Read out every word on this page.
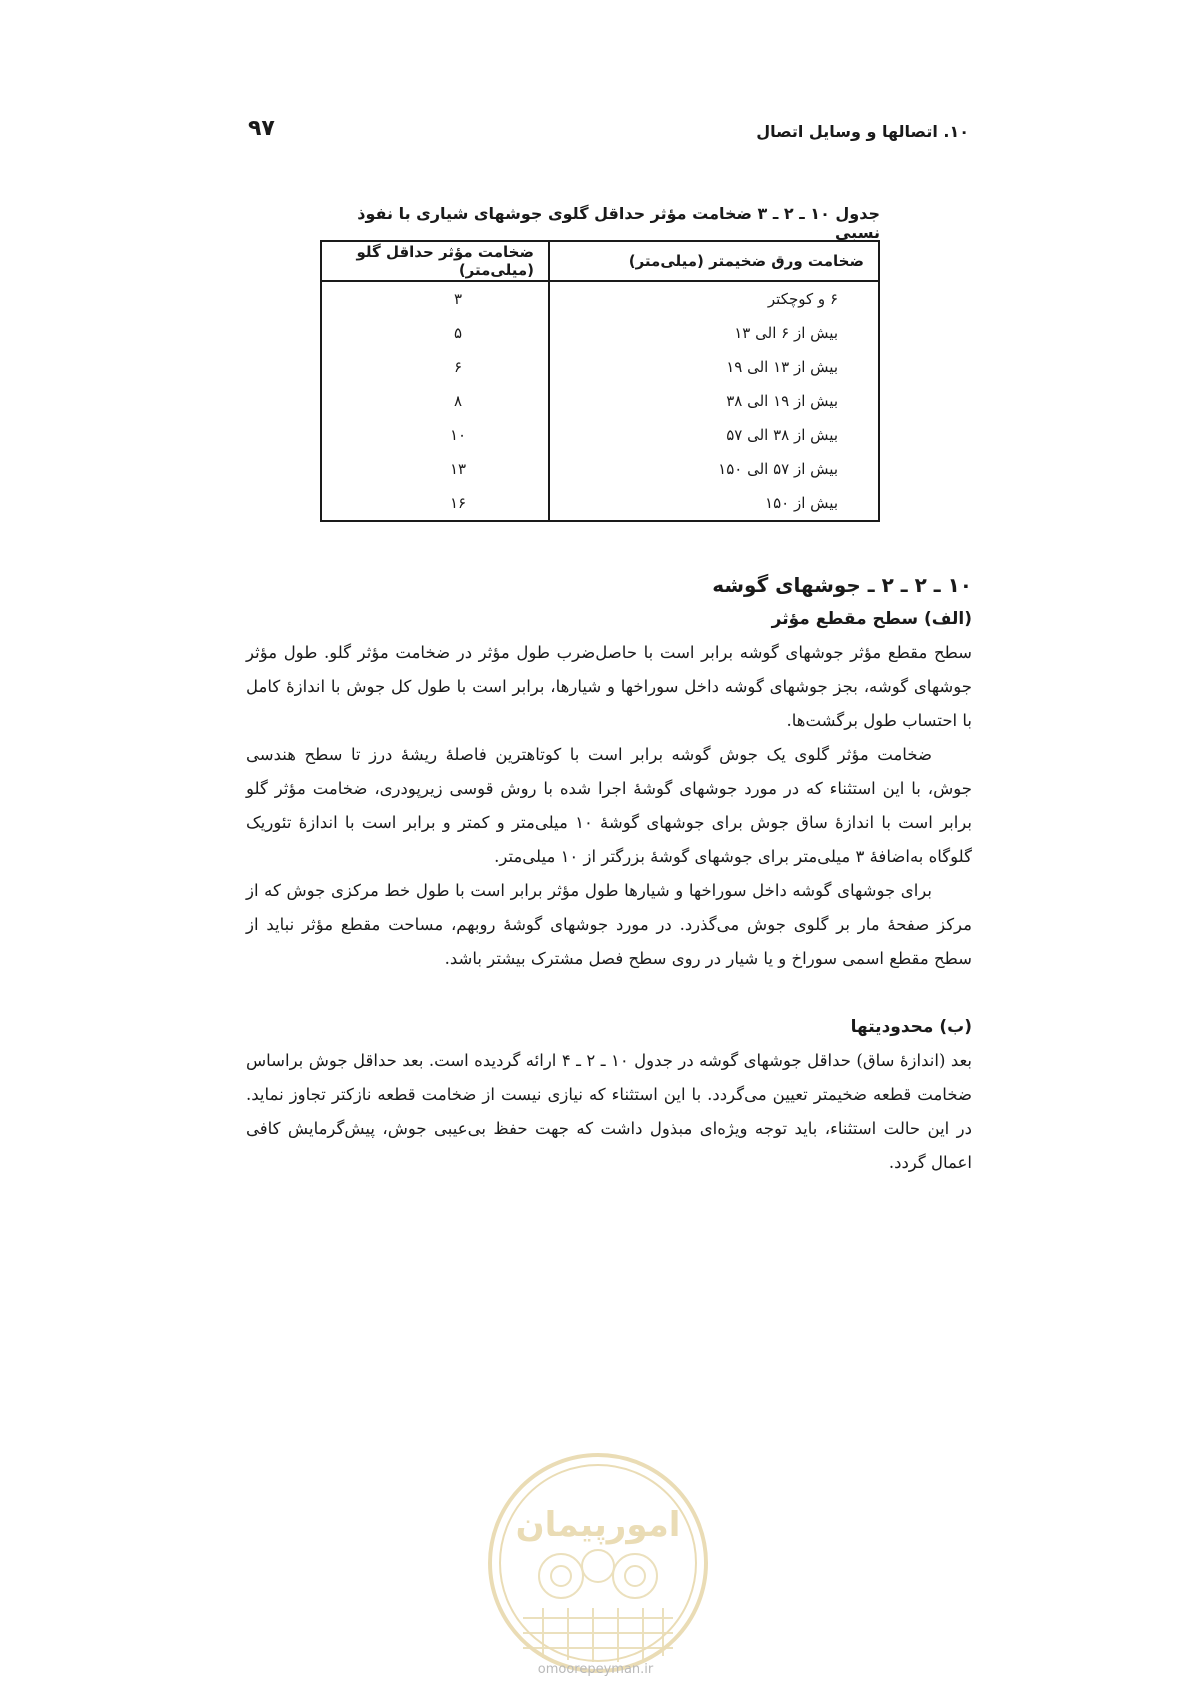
۱۰. اتصالها و وسایل اتصال
۹۷
جدول ۱۰ ـ ۲ ـ ۳ ضخامت مؤثر حداقل گلوی جوشهای شیاری با نفوذ نسبی
ضخامت ورق ضخیمتر (میلی‌متر)	ضخامت مؤثر حداقل گلو (میلی‌متر)
۶ و کوچکتر	۳
بیش از ۶ الی ۱۳	۵
بیش از ۱۳ الی ۱۹	۶
بیش از ۱۹ الی ۳۸	۸
بیش از ۳۸ الی ۵۷	۱۰
بیش از ۵۷ الی ۱۵۰	۱۳
بیش از ۱۵۰	۱۶
۱۰ ـ ۲ ـ ۲ ـ جوشهای گوشه
(الف) سطح مقطع مؤثر

سطح مقطع مؤثر جوشهای گوشه برابر است با حاصل‌ضرب طول مؤثر در ضخامت مؤثر گلو. طول مؤثر جوشهای گوشه، بجز جوشهای گوشه داخل سوراخها و شیارها، برابر است با طول کل جوش با اندازهٔ کامل با احتساب طول برگشت‌ها.

ضخامت مؤثر گلوی یک جوش گوشه برابر است با کوتاهترین فاصلهٔ ریشهٔ درز تا سطح هندسی جوش، با این استثناء که در مورد جوشهای گوشهٔ اجرا شده با روش قوسی زیرپودری، ضخامت مؤثر گلو برابر است با اندازهٔ ساق جوش برای جوشهای گوشهٔ ۱۰ میلی‌متر و کمتر و برابر است با اندازهٔ تئوریک گلوگاه به‌اضافهٔ ۳ میلی‌متر برای جوشهای گوشهٔ بزرگتر از ۱۰ میلی‌متر.

برای جوشهای گوشه داخل سوراخها و شیارها طول مؤثر برابر است با طول خط مرکزی جوش که از مرکز صفحهٔ مار بر گلوی جوش می‌گذرد. در مورد جوشهای گوشهٔ روبهم، مساحت مقطع مؤثر نباید از سطح مقطع اسمی سوراخ و یا شیار در روی سطح فصل مشترک بیشتر باشد.

(ب) محدودیتها

بعد (اندازهٔ ساق) حداقل جوشهای گوشه در جدول ۱۰ ـ ۲ ـ ۴ ارائه گردیده است. بعد حداقل جوش براساس ضخامت قطعه ضخیمتر تعیین می‌گردد. با این استثناء که نیازی نیست از ضخامت قطعه نازکتر تجاوز نماید. در این حالت استثناء، باید توجه ویژه‌ای مبذول داشت که جهت حفظ بی‌عیبی جوش، پیش‌گرمایش کافی اعمال گردد.

امورپیمان
omoorepeyman.ir
